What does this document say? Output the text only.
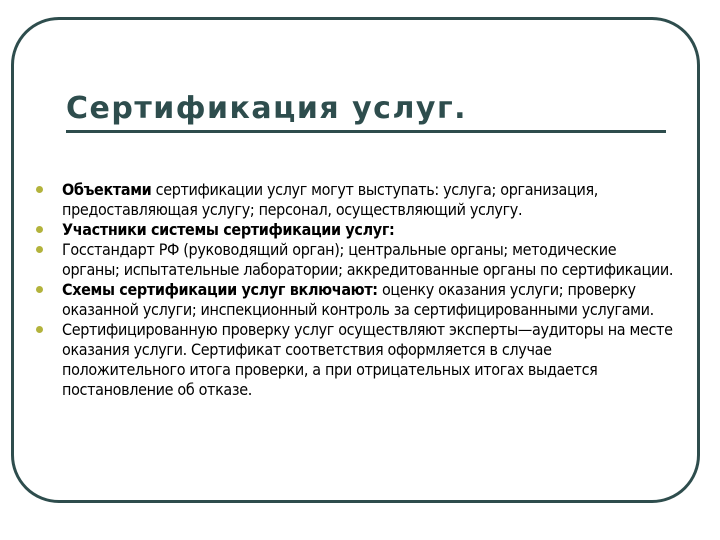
Сертификация услуг.
Объектами сертификации услуг могут выступать: услуга; организация, предоставляющая услугу; персонал, осуществляющий услугу.
Участники системы сертификации услуг:
Госстандарт РФ (руководящий орган); центральные органы; методические органы; испытательные лаборатории; аккредитованные органы по сертификации.
Схемы сертификации услуг включают: оценку оказания услуги; проверку оказанной услуги; инспекционный контроль за сертифицированными услугами.
Сертифицированную проверку услуг осуществляют эксперты—аудиторы на месте оказания услуги. Сертификат соответствия оформляется в случае положительного итога проверки, а при отрицательных итогах выдается постановление об отказе.
